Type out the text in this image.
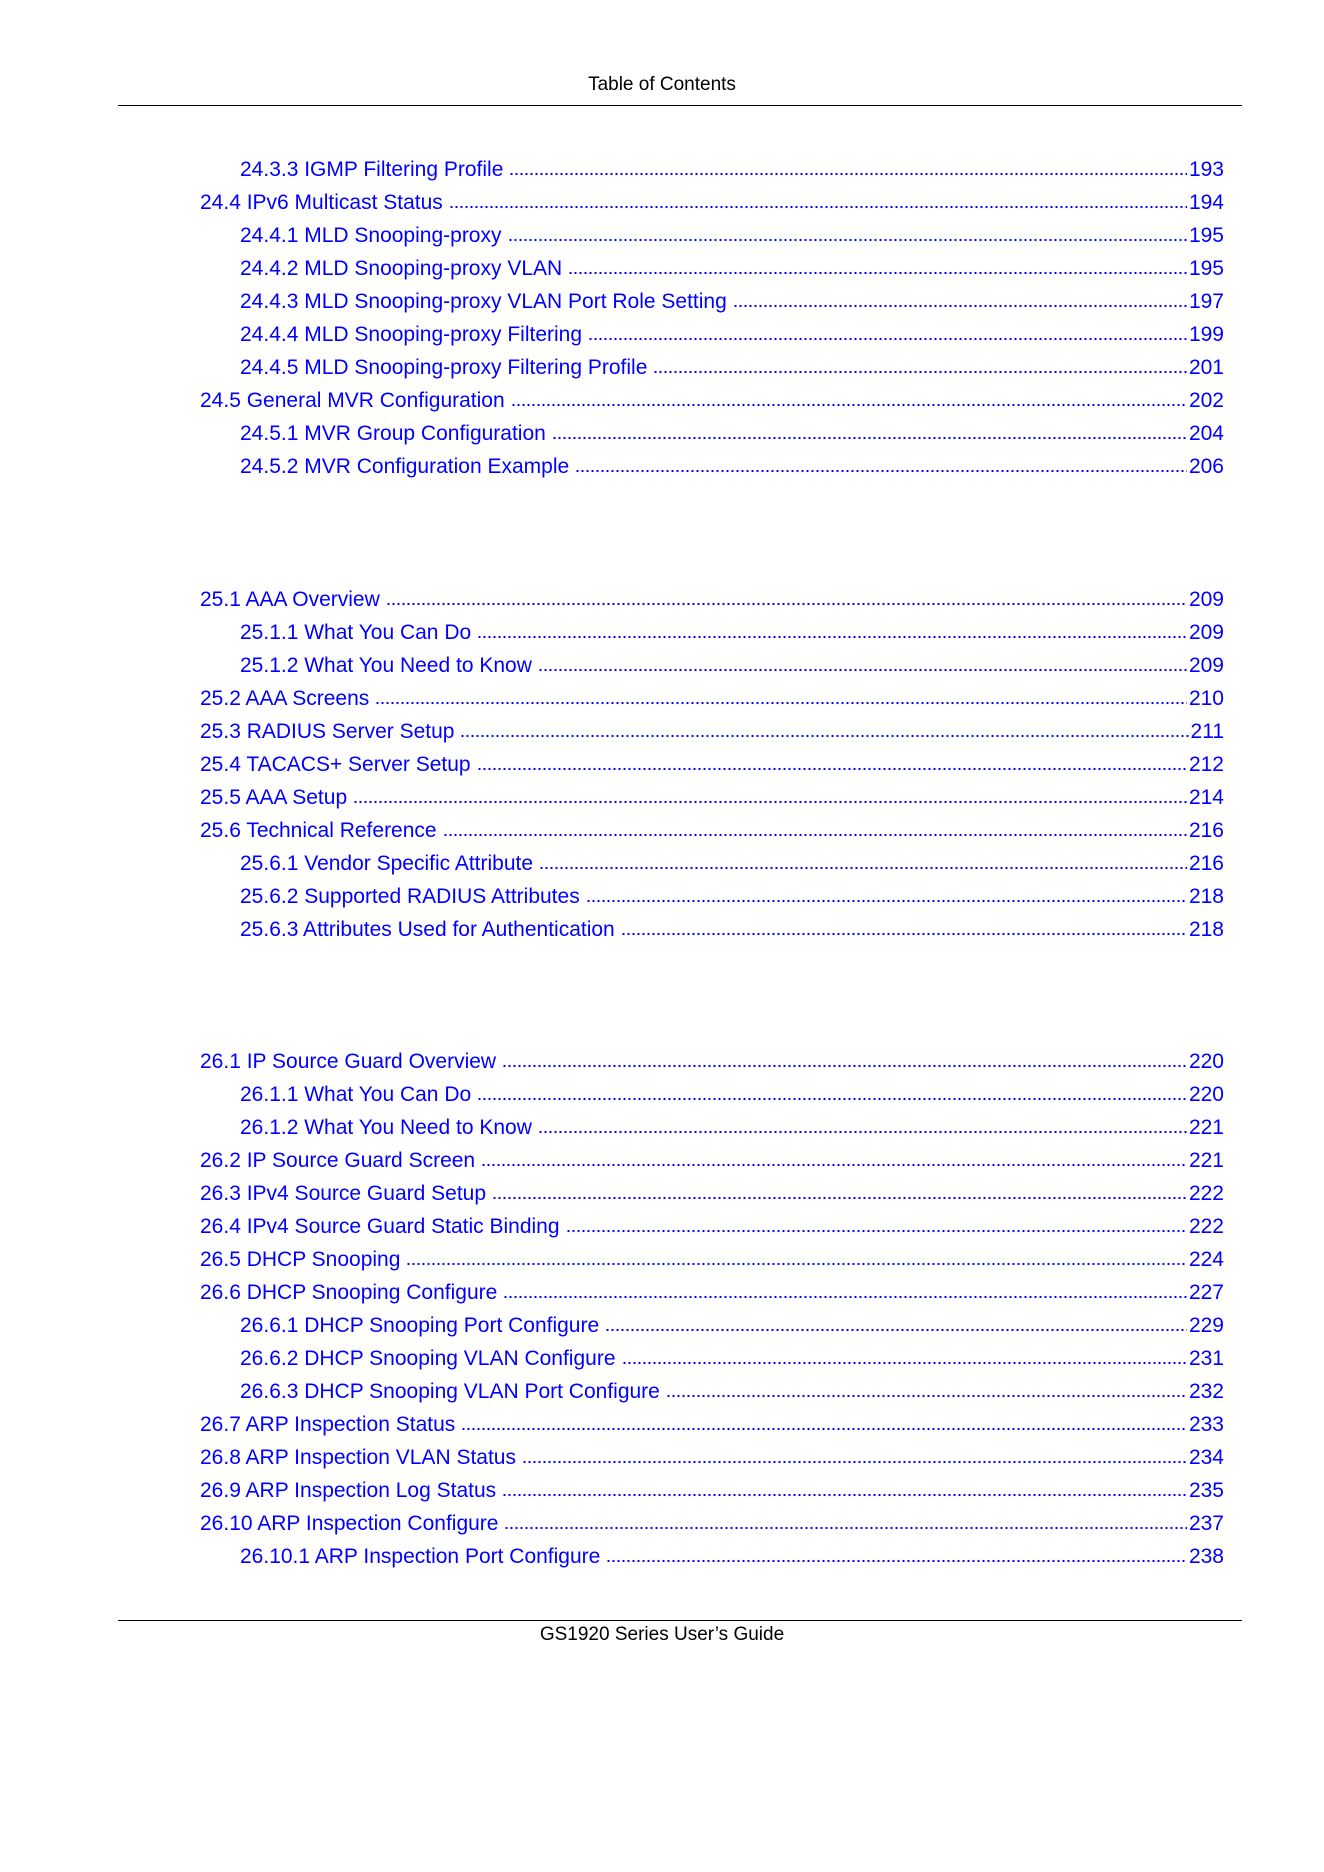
Table of Contents
24.3.3 IGMP Filtering Profile	193
24.4 IPv6 Multicast Status	194
24.4.1 MLD Snooping-proxy	195
24.4.2 MLD Snooping-proxy VLAN	195
24.4.3 MLD Snooping-proxy VLAN Port Role Setting	197
24.4.4 MLD Snooping-proxy Filtering	199
24.4.5 MLD Snooping-proxy Filtering Profile	201
24.5 General MVR Configuration	202
24.5.1 MVR Group Configuration	204
24.5.2 MVR Configuration Example	206
25.1 AAA Overview	209
25.1.1 What You Can Do	209
25.1.2 What You Need to Know	209
25.2 AAA Screens	210
25.3 RADIUS Server Setup	211
25.4 TACACS+ Server Setup	212
25.5 AAA Setup	214
25.6 Technical Reference	216
25.6.1 Vendor Specific Attribute	216
25.6.2 Supported RADIUS Attributes	218
25.6.3 Attributes Used for Authentication	218
26.1 IP Source Guard Overview	220
26.1.1 What You Can Do	220
26.1.2 What You Need to Know	221
26.2 IP Source Guard Screen	221
26.3 IPv4 Source Guard Setup	222
26.4 IPv4 Source Guard Static Binding	222
26.5 DHCP Snooping	224
26.6 DHCP Snooping Configure	227
26.6.1 DHCP Snooping Port Configure	229
26.6.2 DHCP Snooping VLAN Configure	231
26.6.3 DHCP Snooping VLAN Port Configure	232
26.7 ARP Inspection Status	233
26.8 ARP Inspection VLAN Status	234
26.9 ARP Inspection Log Status	235
26.10 ARP Inspection Configure	237
26.10.1 ARP Inspection Port Configure	238
GS1920 Series User’s Guide
